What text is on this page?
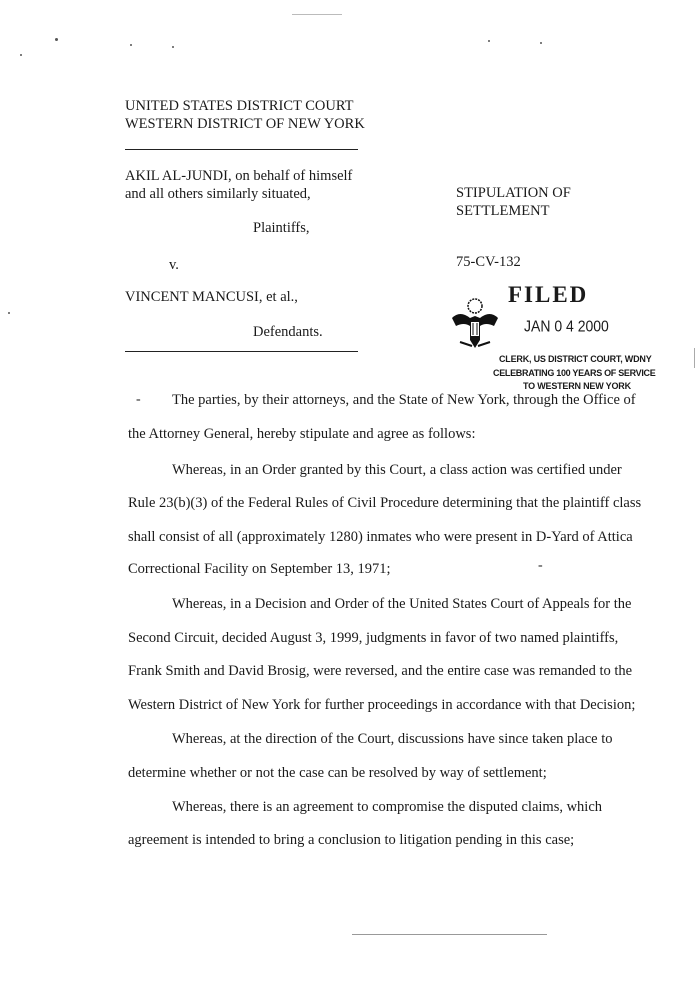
UNITED STATES DISTRICT COURT
WESTERN DISTRICT OF NEW YORK
AKIL AL-JUNDI, on behalf of himself
and all others similarly situated,
Plaintiffs,
v.
VINCENT MANCUSI, et al.,
Defendants.
STIPULATION OF
SETTLEMENT
75-CV-132
FILED
JAN 0 4 2000
CLERK, US DISTRICT COURT, WDNY
CELEBRATING 100 YEARS OF SERVICE
TO WESTERN NEW YORK
- The parties, by their attorneys, and the State of New York, through the Office of
the Attorney General, hereby stipulate and agree as follows:
Whereas, in an Order granted by this Court, a class action was certified under
Rule 23(b)(3) of the Federal Rules of Civil Procedure determining that the plaintiff class
shall consist of all (approximately 1280) inmates who were present in D-Yard of Attica
Correctional Facility on September 13, 1971;	-
Whereas, in a Decision and Order of the United States Court of Appeals for the
Second Circuit, decided August 3, 1999, judgments in favor of two named plaintiffs,
Frank Smith and David Brosig, were reversed, and the entire case was remanded to the
Western District of New York for further proceedings in accordance with that Decision;
Whereas, at the direction of the Court, discussions have since taken place to
determine whether or not the case can be resolved by way of settlement;
Whereas, there is an agreement to compromise the disputed claims, which
agreement is intended to bring a conclusion to litigation pending in this case;
